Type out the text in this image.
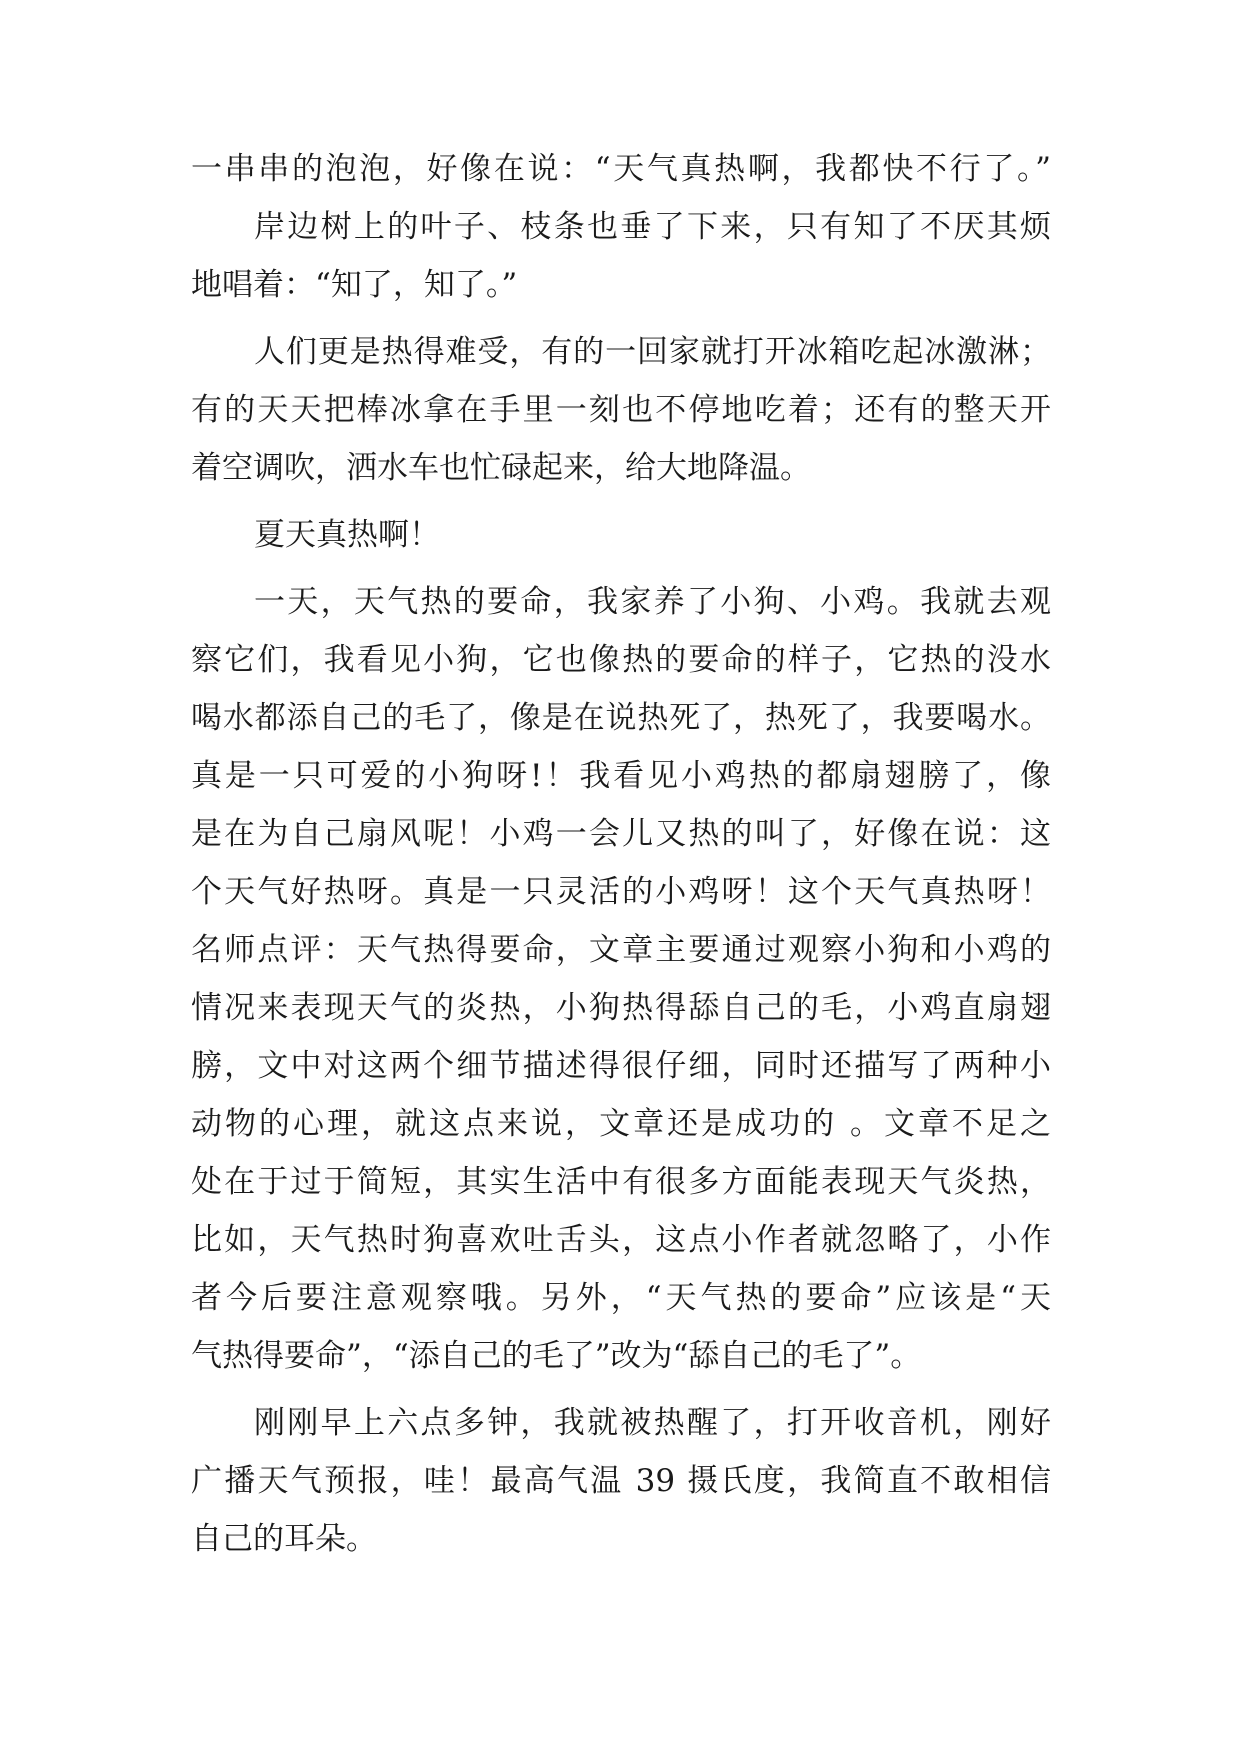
一串串的泡泡，好像在说：“天气真热啊，我都快不行了。”
岸边树上的叶子、枝条也垂了下来，只有知了不厌其烦
地唱着：“知了，知了。”
人们更是热得难受，有的一回家就打开冰箱吃起冰激淋；
有的天天把棒冰拿在手里一刻也不停地吃着；还有的整天开
着空调吹，洒水车也忙碌起来，给大地降温。
夏天真热啊！
一天，天气热的要命，我家养了小狗、小鸡。我就去观
察它们，我看见小狗，它也像热的要命的样子，它热的没水
喝水都添自己的毛了，像是在说热死了，热死了，我要喝水。
真是一只可爱的小狗呀!！我看见小鸡热的都扇翅膀了，像
是在为自己扇风呢！小鸡一会儿又热的叫了，好像在说：这
个天气好热呀。真是一只灵活的小鸡呀！这个天气真热呀！
名师点评：天气热得要命，文章主要通过观察小狗和小鸡的
情况来表现天气的炎热，小狗热得舔自己的毛，小鸡直扇翅
膀，文中对这两个细节描述得很仔细，同时还描写了两种小
动物的心理，就这点来说，文章还是成功的 。文章不足之
处在于过于简短，其实生活中有很多方面能表现天气炎热，
比如，天气热时狗喜欢吐舌头，这点小作者就忽略了，小作
者今后要注意观察哦。另外，“天气热的要命”应该是“天
气热得要命”，“添自己的毛了”改为“舔自己的毛了”。
刚刚早上六点多钟，我就被热醒了，打开收音机，刚好
广播天气预报，哇！最高气温 39 摄氏度，我简直不敢相信
自己的耳朵。
